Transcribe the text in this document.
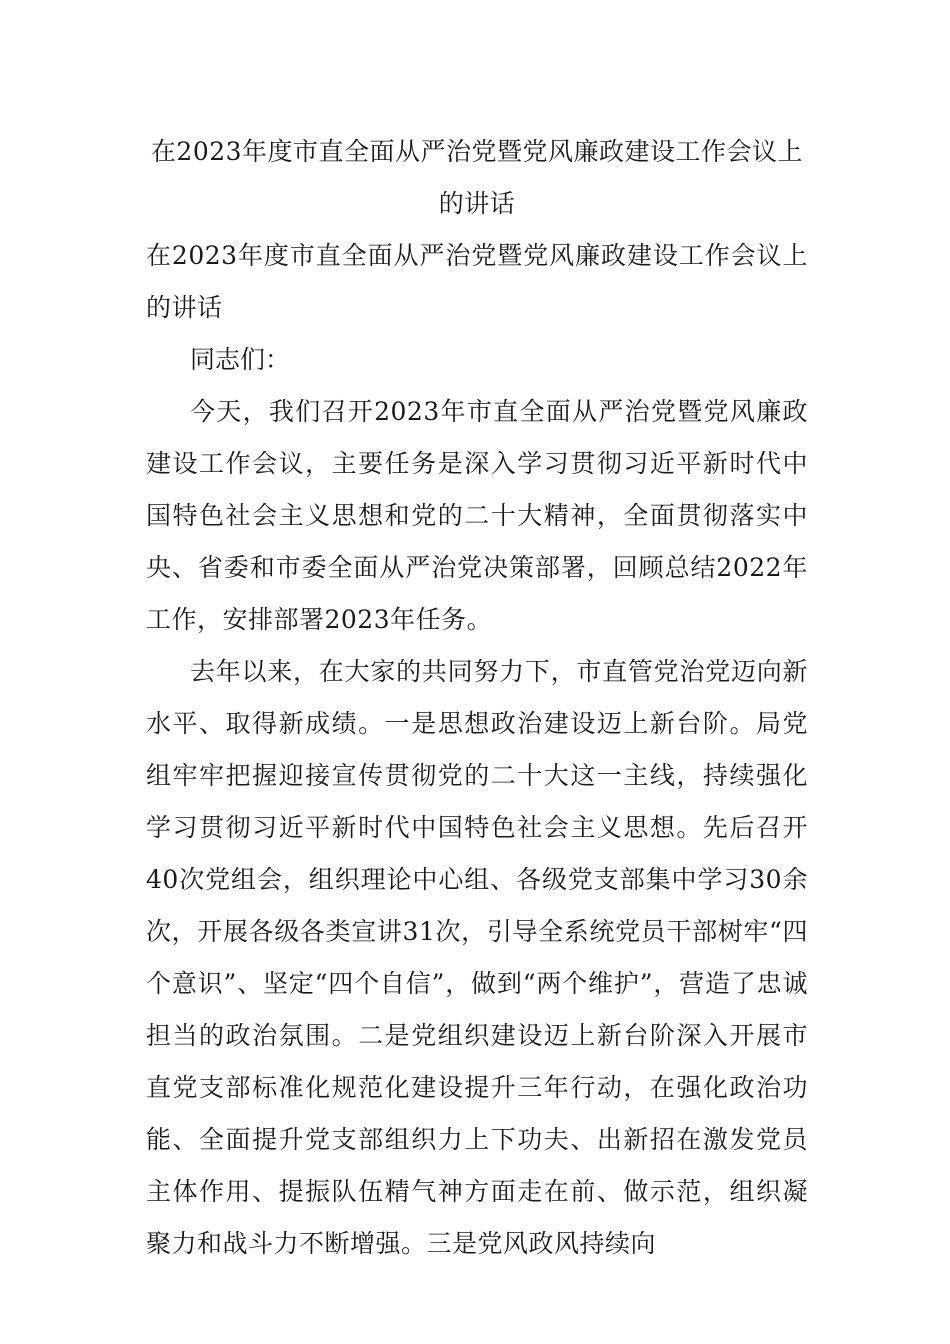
在2023年度市直全面从严治党暨党风廉政建设工作会议上的讲话

在2023年度市直全面从严治党暨党风廉政建设工作会议上的讲话

同志们：

今天，我们召开2023年市直全面从严治党暨党风廉政建设工作会议，主要任务是深入学习贯彻习近平新时代中国特色社会主义思想和党的二十大精神，全面贯彻落实中央、省委和市委全面从严治党决策部署，回顾总结2022年工作，安排部署2023年任务。

去年以来，在大家的共同努力下，市直管党治党迈向新水平、取得新成绩。一是思想政治建设迈上新台阶。局党组牢牢把握迎接宣传贯彻党的二十大这一主线，持续强化学习贯彻习近平新时代中国特色社会主义思想。先后召开40次党组会，组织理论中心组、各级党支部集中学习30余次，开展各级各类宣讲31次，引导全系统党员干部树牢“四个意识”、坚定“四个自信”，做到“两个维护”，营造了忠诚担当的政治氛围。二是党组织建设迈上新台阶深入开展市直党支部标准化规范化建设提升三年行动，在强化政治功能、全面提升党支部组织力上下功夫、出新招在激发党员主体作用、提振队伍精气神方面走在前、做示范，组织凝聚力和战斗力不断增强。三是党风政风持续向
